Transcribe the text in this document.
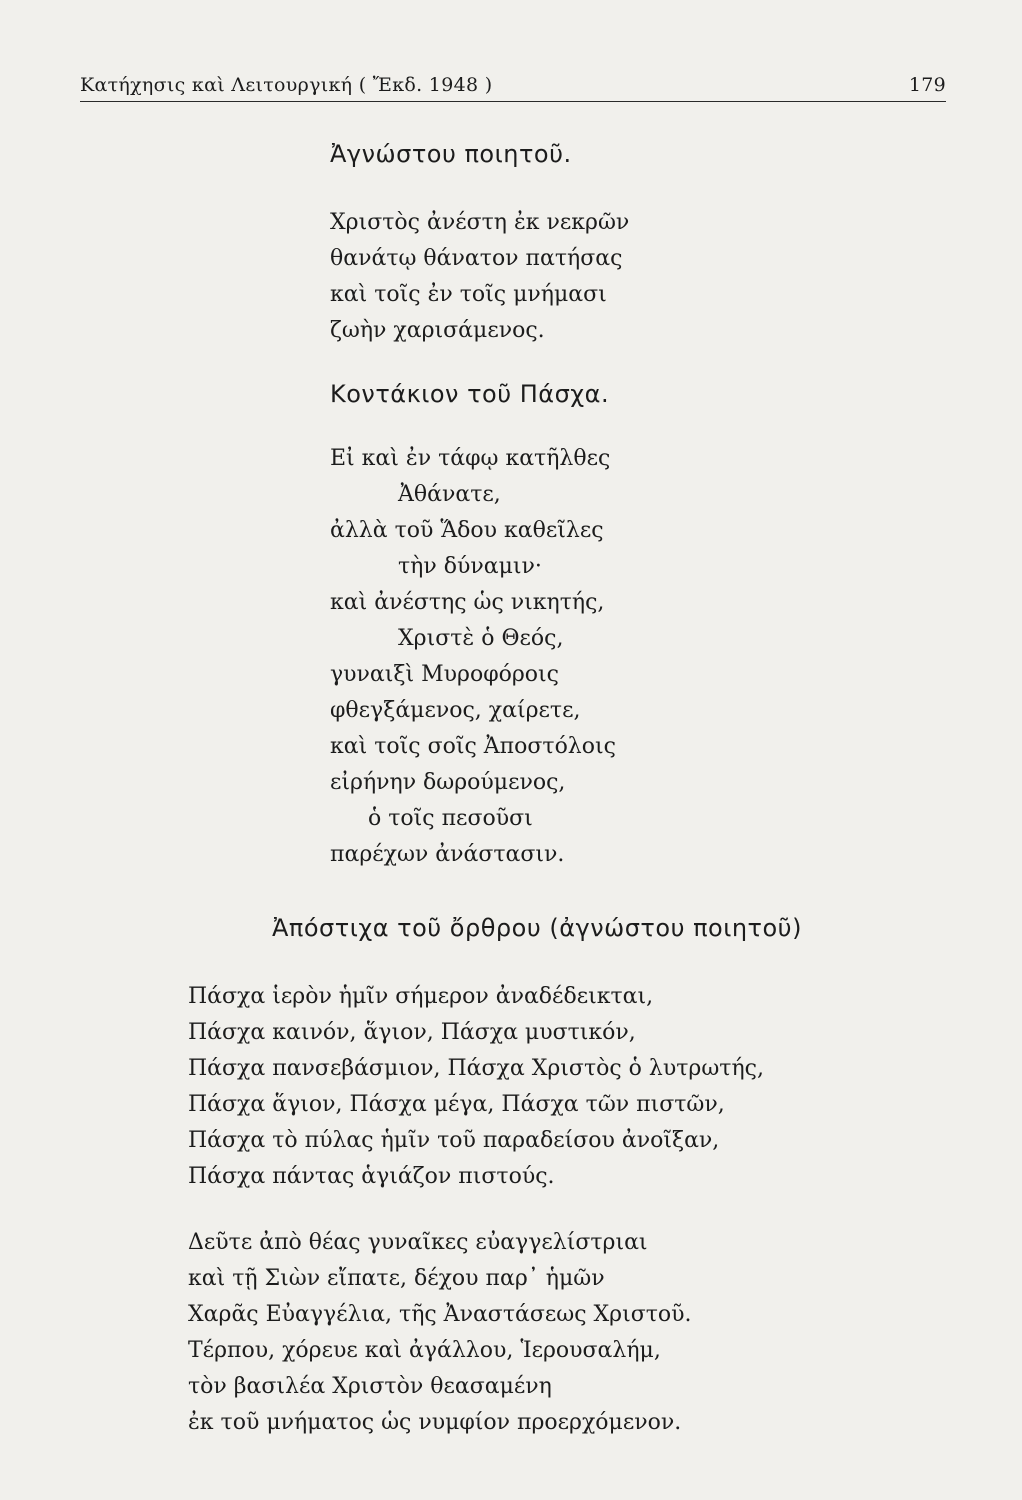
Κατήχησις καὶ Λειτουργική ( Ἔκδ. 1948 )	179
Ἀγνώστου ποιητοῦ.
Χριστὸς ἀνέστη ἐκ νεκρῶν
θανάτῳ θάνατον πατήσας
καὶ τοῖς ἐν τοῖς μνήμασι
ζωὴν χαρισάμενος.
Κοντάκιον τοῦ Πάσχα.
Εἰ καὶ ἐν τάφῳ κατῆλθες
Ἀθάνατε,
ἀλλὰ τοῦ Ἅδου καθεῖλες
τὴν δύναμιν·
καὶ ἀνέστης ὡς νικητής,
Χριστὲ ὁ Θεός,
γυναιξὶ Μυροφόροις
φθεγξάμενος, χαίρετε,
καὶ τοῖς σοῖς Ἀποστόλοις
εἰρήνην δωρούμενος,
ὁ τοῖς πεσοῦσι
παρέχων ἀνάστασιν.
Ἀπόστιχα τοῦ ὄρθρου (ἀγνώστου ποιητοῦ)
Πάσχα ἱερὸν ἡμῖν σήμερον ἀναδέδεικται,
Πάσχα καινόν, ἅγιον, Πάσχα μυστικόν,
Πάσχα πανσεβάσμιον, Πάσχα Χριστὸς ὁ λυτρωτής,
Πάσχα ἅγιον, Πάσχα μέγα, Πάσχα τῶν πιστῶν,
Πάσχα τὸ πύλας ἡμῖν τοῦ παραδείσου ἀνοῖξαν,
Πάσχα πάντας ἁγιάζον πιστούς.
Δεῦτε ἀπὸ θέας γυναῖκες εὐαγγελίστριαι
καὶ τῇ Σιὼν εἴπατε, δέχου παρ᾽ ἡμῶν
Χαρᾶς Εὐαγγέλια, τῆς Ἀναστάσεως Χριστοῦ.
Τέρπου, χόρευε καὶ ἀγάλλου, Ἱερουσαλήμ,
τὸν βασιλέα Χριστὸν θεασαμένη
ἐκ τοῦ μνήματος ὡς νυμφίον προερχόμενον.
